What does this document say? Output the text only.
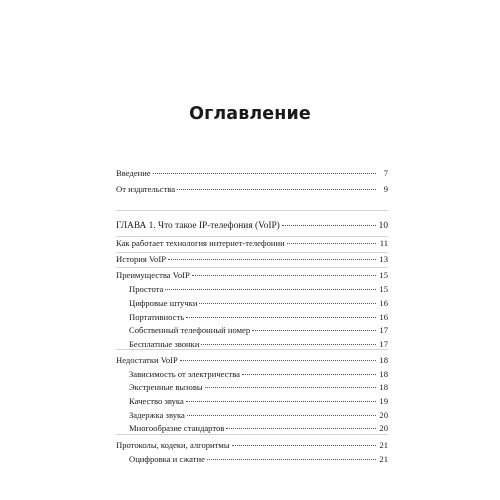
Оглавление
Введение	7
От издательства	9
ГЛАВА 1. Что такое IP-телефония (VoIP)	10
Как работает технология интернет-телефонии	11
История VoIP	13
Преимущества VoIP	15
Простота	15
Цифровые штучки	16
Портативность	16
Собственный телефонный номер	17
Бесплатные звонки	17
Недостатки VoIP	18
Зависимость от электричества	18
Экстренные вызовы	18
Качество звука	19
Задержка звука	20
Многообразие стандартов	20
Протоколы, кодеки, алгоритмы	21
Оцифровка и сжатие	21
